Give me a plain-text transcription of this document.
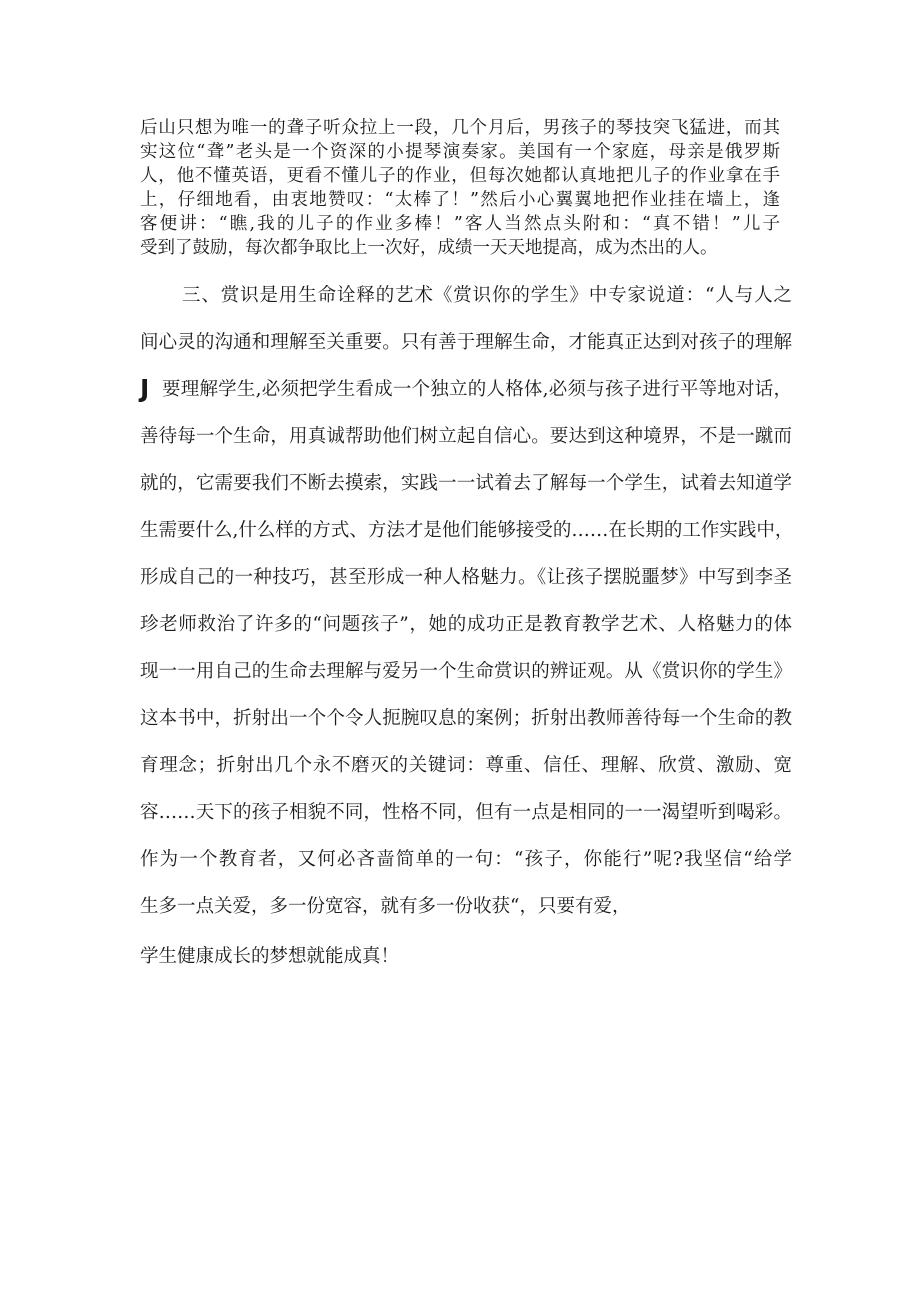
后山只想为唯一的聋子听众拉上一段，几个月后，男孩子的琴技突飞猛进，而其
实这位“聋”老头是一个资深的小提琴演奏家。美国有一个家庭，母亲是俄罗斯
人，他不懂英语，更看不懂儿子的作业，但每次她都认真地把儿子的作业拿在手
上，仔细地看，由衷地赞叹：“太棒了！”然后小心翼翼地把作业挂在墙上，逢
客便讲：“瞧,我的儿子的作业多棒！”客人当然点头附和：“真不错！”儿子
受到了鼓励，每次都争取比上一次好，成绩一天天地提高，成为杰出的人。
三、赏识是用生命诠释的艺术《赏识你的学生》中专家说道：“人与人之
间心灵的沟通和理解至关重要。只有善于理解生命，才能真正达到对孩子的理解
J 要理解学生,必须把学生看成一个独立的人格体,必须与孩子进行平等地对话，
善待每一个生命，用真诚帮助他们树立起自信心。要达到这种境界，不是一蹴而
就的，它需要我们不断去摸索，实践一一试着去了解每一个学生，试着去知道学
生需要什么,什么样的方式、方法才是他们能够接受的……在长期的工作实践中，
形成自己的一种技巧，甚至形成一种人格魅力。《让孩子摆脱噩梦》中写到李圣
珍老师救治了许多的“问题孩子”，她的成功正是教育教学艺术、人格魅力的体
现一一用自己的生命去理解与爱另一个生命赏识的辨证观。从《赏识你的学生》
这本书中，折射出一个个令人扼腕叹息的案例；折射出教师善待每一个生命的教
育理念；折射出几个永不磨灭的关键词：尊重、信任、理解、欣赏、激励、宽
容……天下的孩子相貌不同，性格不同，但有一点是相同的一一渴望听到喝彩。
作为一个教育者，又何必吝啬简单的一句：“孩子，你能行”呢?我坚信“给学
生多一点关爱，多一份宽容，就有多一份收获“，只要有爱，
学生健康成长的梦想就能成真！
